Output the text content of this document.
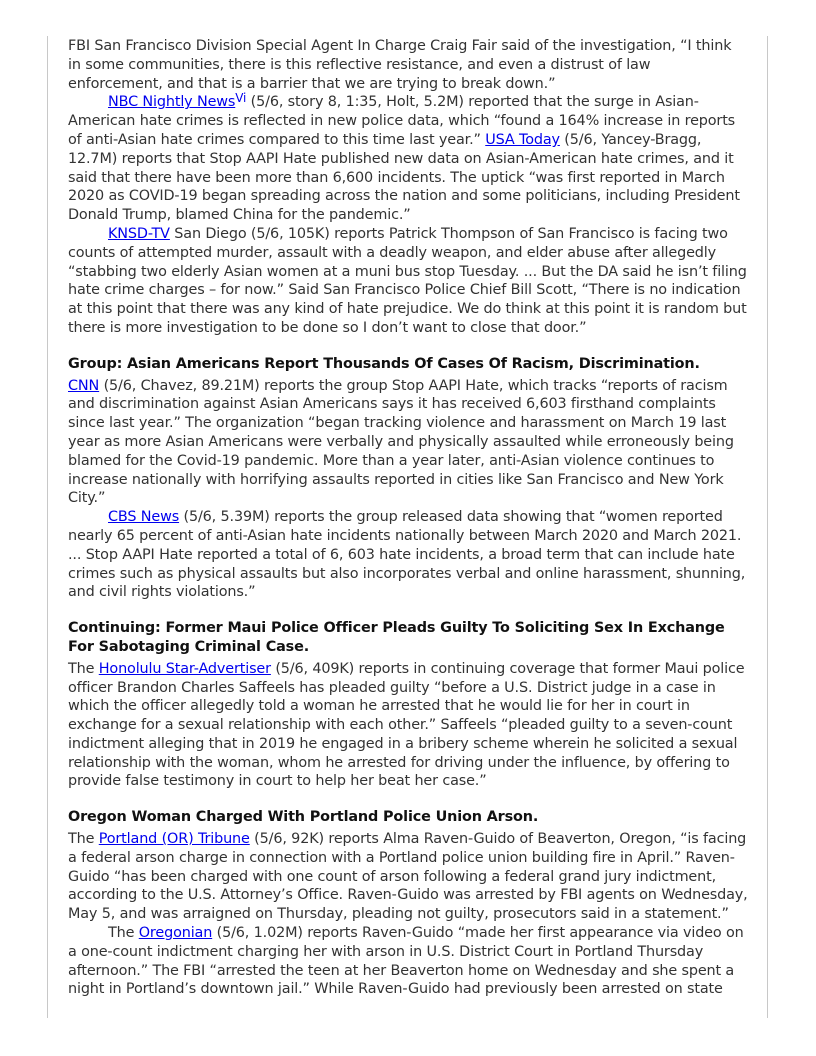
FBI San Francisco Division Special Agent In Charge Craig Fair said of the investigation, “I think in some communities, there is this reflective resistance, and even a distrust of law enforcement, and that is a barrier that we are trying to break down.”

NBC Nightly News$^{Vi}$ (5/6, story 8, 1:35, Holt, 5.2M) reported that the surge in Asian-American hate crimes is reflected in new police data, which “found a 164% increase in reports of anti-Asian hate crimes compared to this time last year.” USA Today (5/6, Yancey-Bragg, 12.7M) reports that Stop AAPI Hate published new data on Asian-American hate crimes, and it said that there have been more than 6,600 incidents. The uptick “was first reported in March 2020 as COVID-19 began spreading across the nation and some politicians, including President Donald Trump, blamed China for the pandemic.”

KNSD-TV San Diego (5/6, 105K) reports Patrick Thompson of San Francisco is facing two counts of attempted murder, assault with a deadly weapon, and elder abuse after allegedly “stabbing two elderly Asian women at a muni bus stop Tuesday. ... But the DA said he isn’t filing hate crime charges – for now.” Said San Francisco Police Chief Bill Scott, “There is no indication at this point that there was any kind of hate prejudice. We do think at this point it is random but there is more investigation to be done so I don’t want to close that door.”

Group: Asian Americans Report Thousands Of Cases Of Racism, Discrimination.

CNN (5/6, Chavez, 89.21M) reports the group Stop AAPI Hate, which tracks “reports of racism and discrimination against Asian Americans says it has received 6,603 firsthand complaints since last year.” The organization “began tracking violence and harassment on March 19 last year as more Asian Americans were verbally and physically assaulted while erroneously being blamed for the Covid-19 pandemic. More than a year later, anti-Asian violence continues to increase nationally with horrifying assaults reported in cities like San Francisco and New York City.”

CBS News (5/6, 5.39M) reports the group released data showing that “women reported nearly 65 percent of anti-Asian hate incidents nationally between March 2020 and March 2021. ... Stop AAPI Hate reported a total of 6, 603 hate incidents, a broad term that can include hate crimes such as physical assaults but also incorporates verbal and online harassment, shunning, and civil rights violations.”

Continuing: Former Maui Police Officer Pleads Guilty To Soliciting Sex In Exchange For Sabotaging Criminal Case.

The Honolulu Star-Advertiser (5/6, 409K) reports in continuing coverage that former Maui police officer Brandon Charles Saffeels has pleaded guilty “before a U.S. District judge in a case in which the officer allegedly told a woman he arrested that he would lie for her in court in exchange for a sexual relationship with each other.” Saffeels “pleaded guilty to a seven-count indictment alleging that in 2019 he engaged in a bribery scheme wherein he solicited a sexual relationship with the woman, whom he arrested for driving under the influence, by offering to provide false testimony in court to help her beat her case.”

Oregon Woman Charged With Portland Police Union Arson.

The Portland (OR) Tribune (5/6, 92K) reports Alma Raven-Guido of Beaverton, Oregon, “is facing a federal arson charge in connection with a Portland police union building fire in April.” Raven-Guido “has been charged with one count of arson following a federal grand jury indictment, according to the U.S. Attorney’s Office. Raven-Guido was arrested by FBI agents on Wednesday, May 5, and was arraigned on Thursday, pleading not guilty, prosecutors said in a statement.”

The Oregonian (5/6, 1.02M) reports Raven-Guido “made her first appearance via video on a one-count indictment charging her with arson in U.S. District Court in Portland Thursday afternoon.” The FBI “arrested the teen at her Beaverton home on Wednesday and she spent a night in Portland’s downtown jail.” While Raven-Guido had previously been arrested on state
